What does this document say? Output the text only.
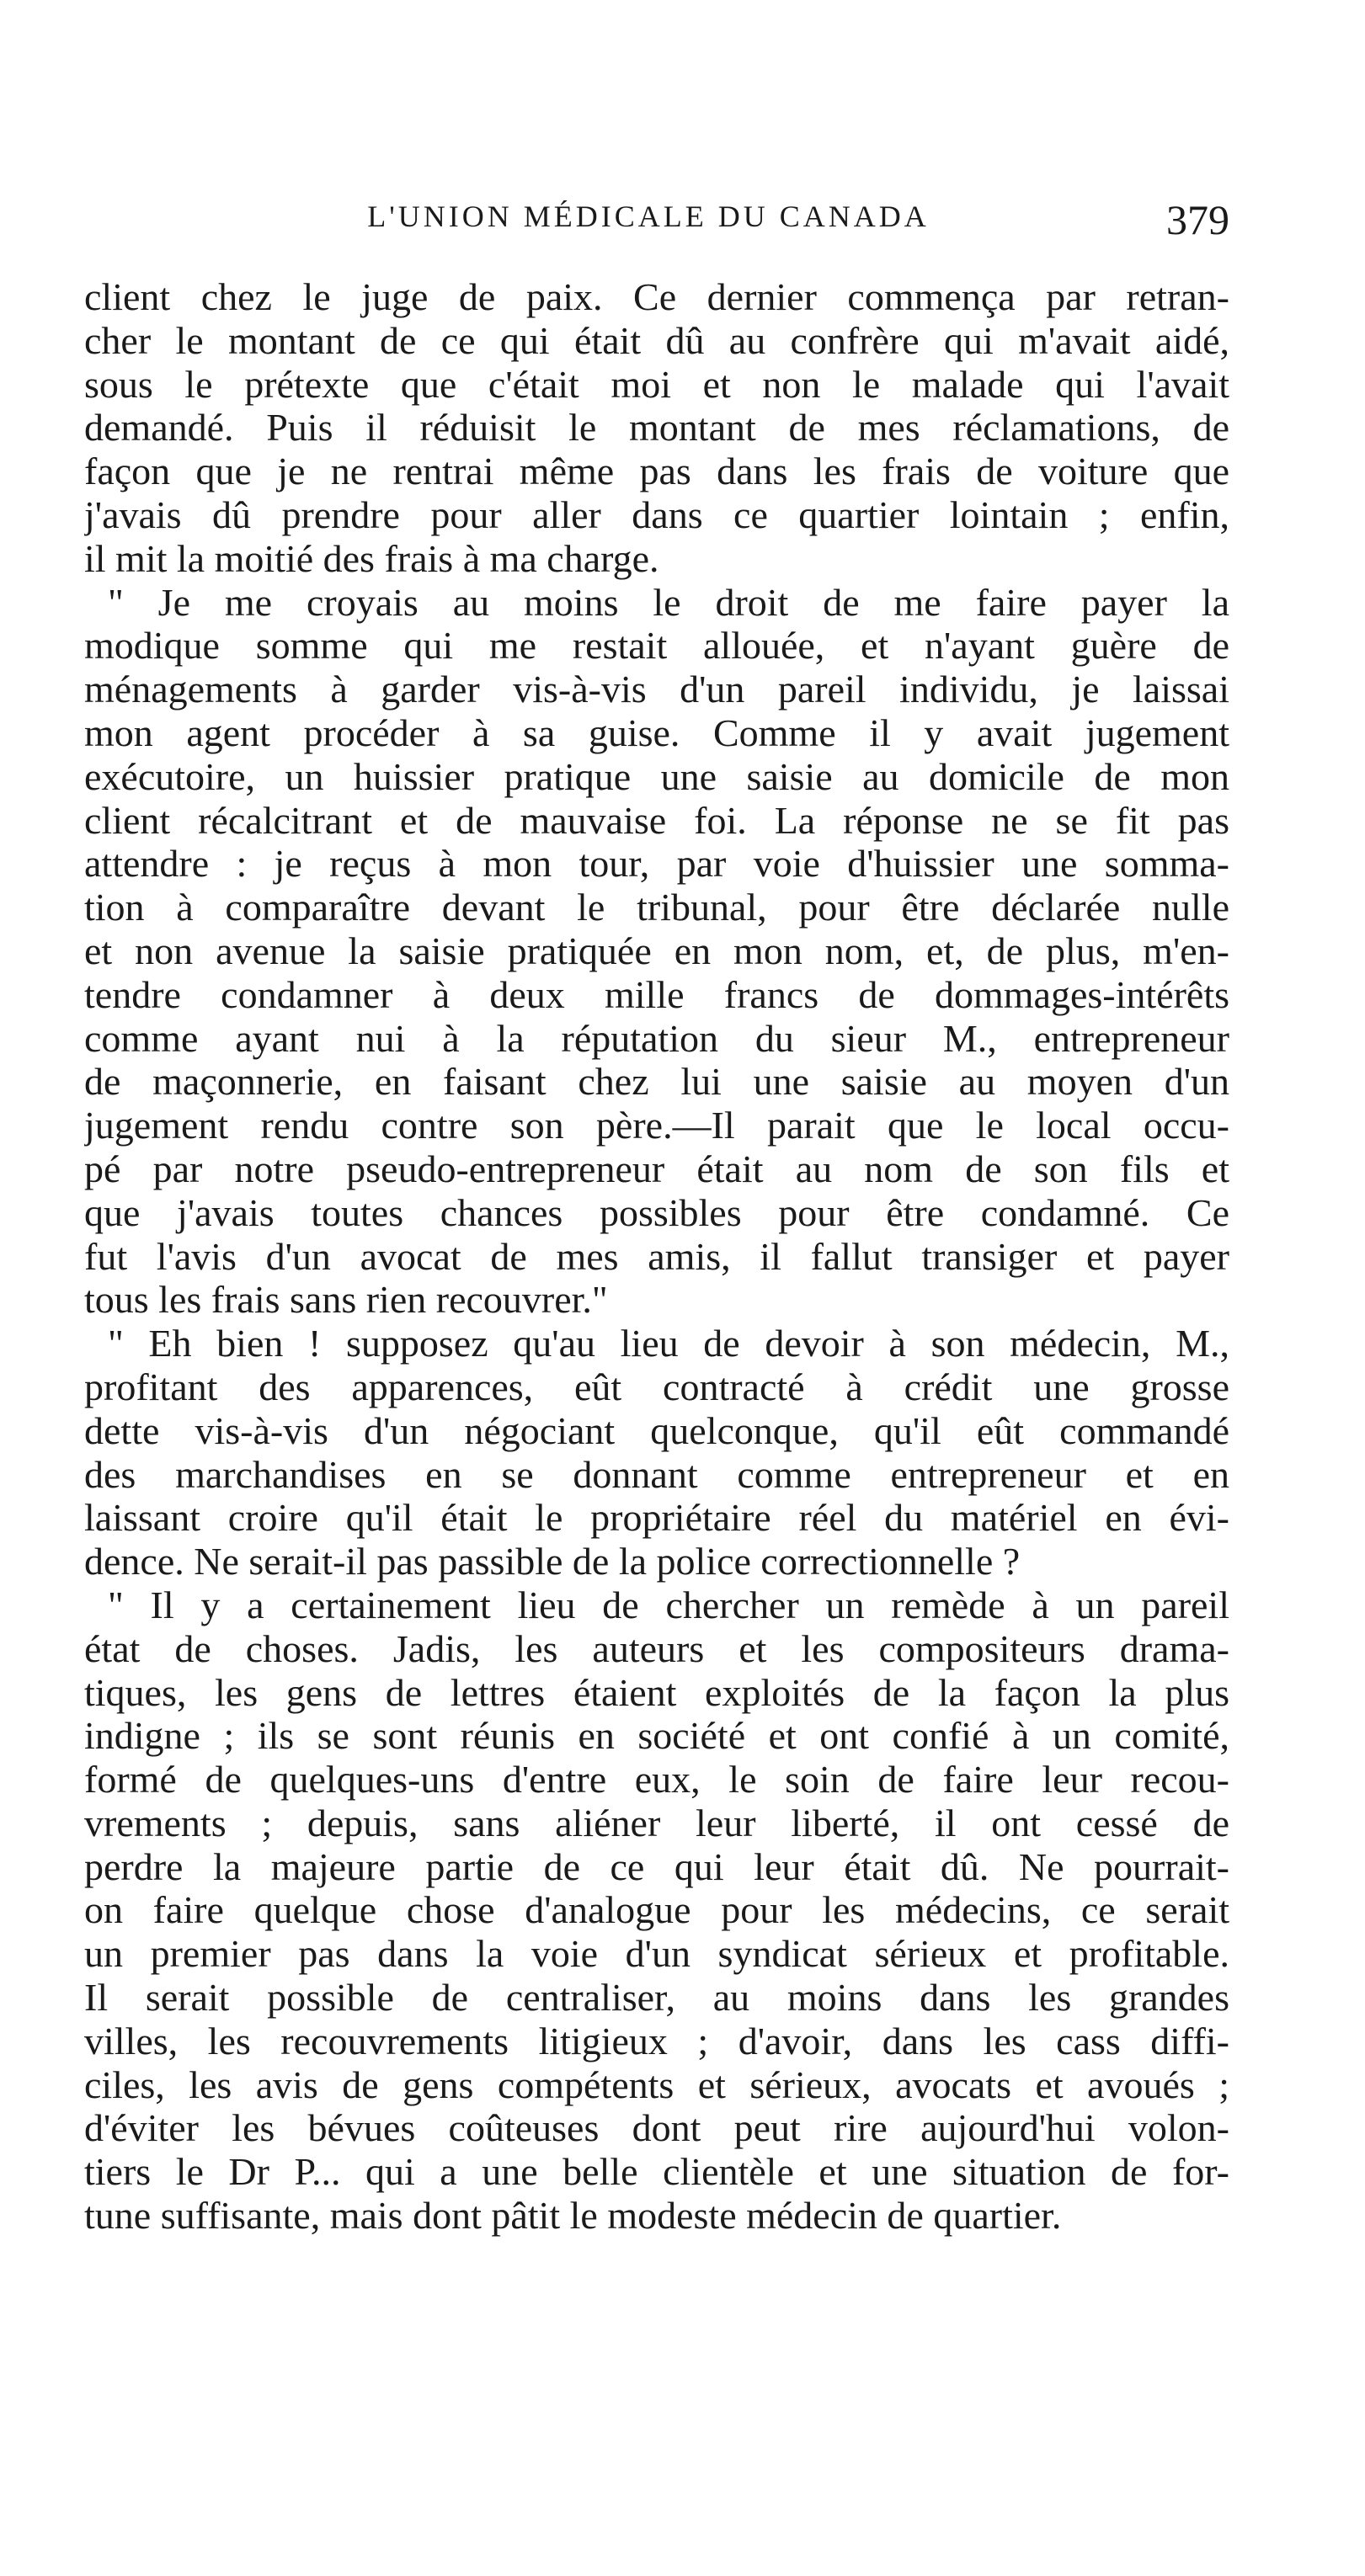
L'UNION MÉDICALE DU CANADA	379
client chez le juge de paix. Ce dernier commença par retran-
cher le montant de ce qui était dû au confrère qui m'avait aidé,
sous le prétexte que c'était moi et non le malade qui l'avait
demandé. Puis il réduisit le montant de mes réclamations, de
façon que je ne rentrai même pas dans les frais de voiture que
j'avais dû prendre pour aller dans ce quartier lointain ; enfin,
il mit la moitié des frais à ma charge.
" Je me croyais au moins le droit de me faire payer la
modique somme qui me restait allouée, et n'ayant guère de
ménagements à garder vis-à-vis d'un pareil individu, je laissai
mon agent procéder à sa guise. Comme il y avait jugement
exécutoire, un huissier pratique une saisie au domicile de mon
client récalcitrant et de mauvaise foi. La réponse ne se fit pas
attendre : je reçus à mon tour, par voie d'huissier une somma-
tion à comparaître devant le tribunal, pour être déclarée nulle
et non avenue la saisie pratiquée en mon nom, et, de plus, m'en-
tendre condamner à deux mille francs de dommages-intérêts
comme ayant nui à la réputation du sieur M., entrepreneur
de maçonnerie, en faisant chez lui une saisie au moyen d'un
jugement rendu contre son père.—Il parait que le local occu-
pé par notre pseudo-entrepreneur était au nom de son fils et
que j'avais toutes chances possibles pour être condamné. Ce
fut l'avis d'un avocat de mes amis, il fallut transiger et payer
tous les frais sans rien recouvrer."
" Eh bien ! supposez qu'au lieu de devoir à son médecin, M.,
profitant des apparences, eût contracté à crédit une grosse
dette vis-à-vis d'un négociant quelconque, qu'il eût commandé
des marchandises en se donnant comme entrepreneur et en
laissant croire qu'il était le propriétaire réel du matériel en évi-
dence. Ne serait-il pas passible de la police correctionnelle ?
" Il y a certainement lieu de chercher un remède à un pareil
état de choses. Jadis, les auteurs et les compositeurs drama-
tiques, les gens de lettres étaient exploités de la façon la plus
indigne ; ils se sont réunis en société et ont confié à un comité,
formé de quelques-uns d'entre eux, le soin de faire leur recou-
vrements ; depuis, sans aliéner leur liberté, il ont cessé de
perdre la majeure partie de ce qui leur était dû. Ne pourrait-
on faire quelque chose d'analogue pour les médecins, ce serait
un premier pas dans la voie d'un syndicat sérieux et profitable.
Il serait possible de centraliser, au moins dans les grandes
villes, les recouvrements litigieux ; d'avoir, dans les cass diffi-
ciles, les avis de gens compétents et sérieux, avocats et avoués ;
d'éviter les bévues coûteuses dont peut rire aujourd'hui volon-
tiers le Dr P... qui a une belle clientèle et une situation de for-
tune suffisante, mais dont pâtit le modeste médecin de quartier.
